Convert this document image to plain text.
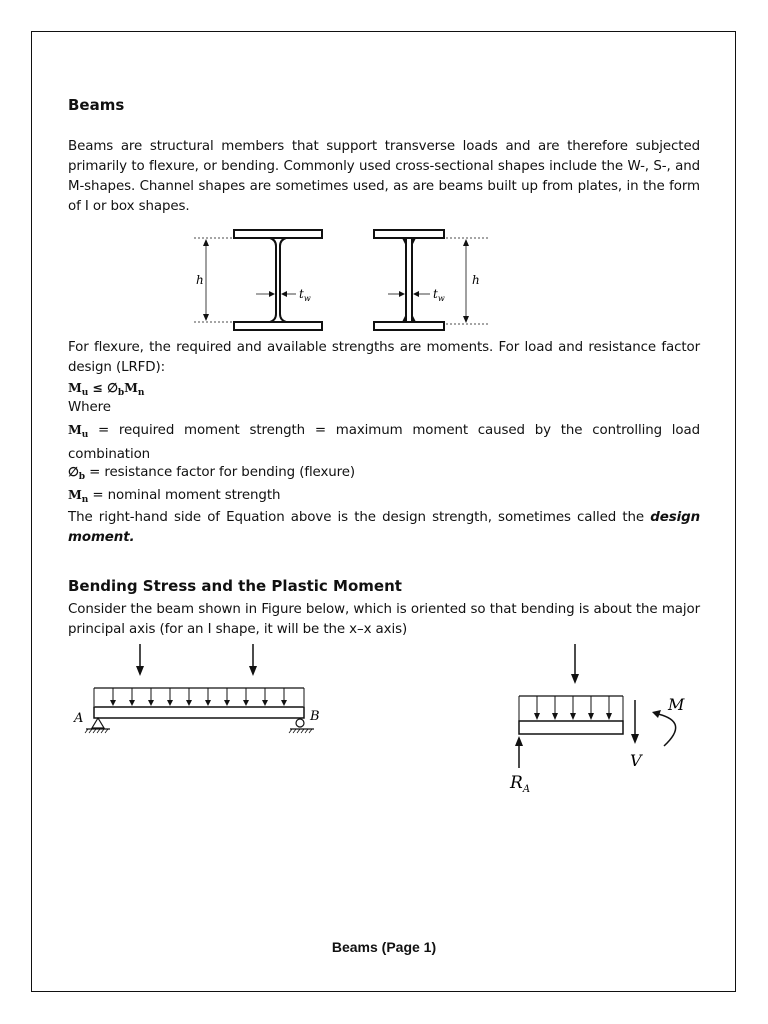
Beams
Beams are structural members that support transverse loads and are therefore subjected primarily to flexure, or bending. Commonly used cross-sectional shapes include the W-, S-, and M-shapes. Channel shapes are sometimes used, as are beams built up from plates, in the form of I or box shapes.
h
$t_w$	$t_w$
h
For flexure, the required and available strengths are moments. For load and resistance factor design (LRFD):
$M_u$ ≤ $\emptyset_bM_n$
Where
$M_u$ = required moment strength = maximum moment caused by the controlling load combination
$\emptyset_b$ = resistance factor for bending (flexure)
$M_n$ = nominal moment strength
The right-hand side of Equation above is the design strength, sometimes called the design moment.
Bending Stress and the Plastic Moment
Consider the beam shown in Figure below, which is oriented so that bending is about the major principal axis (for an I shape, it will be the x–x axis)
A	B
$R_A$
V
M
Beams (Page 1)
